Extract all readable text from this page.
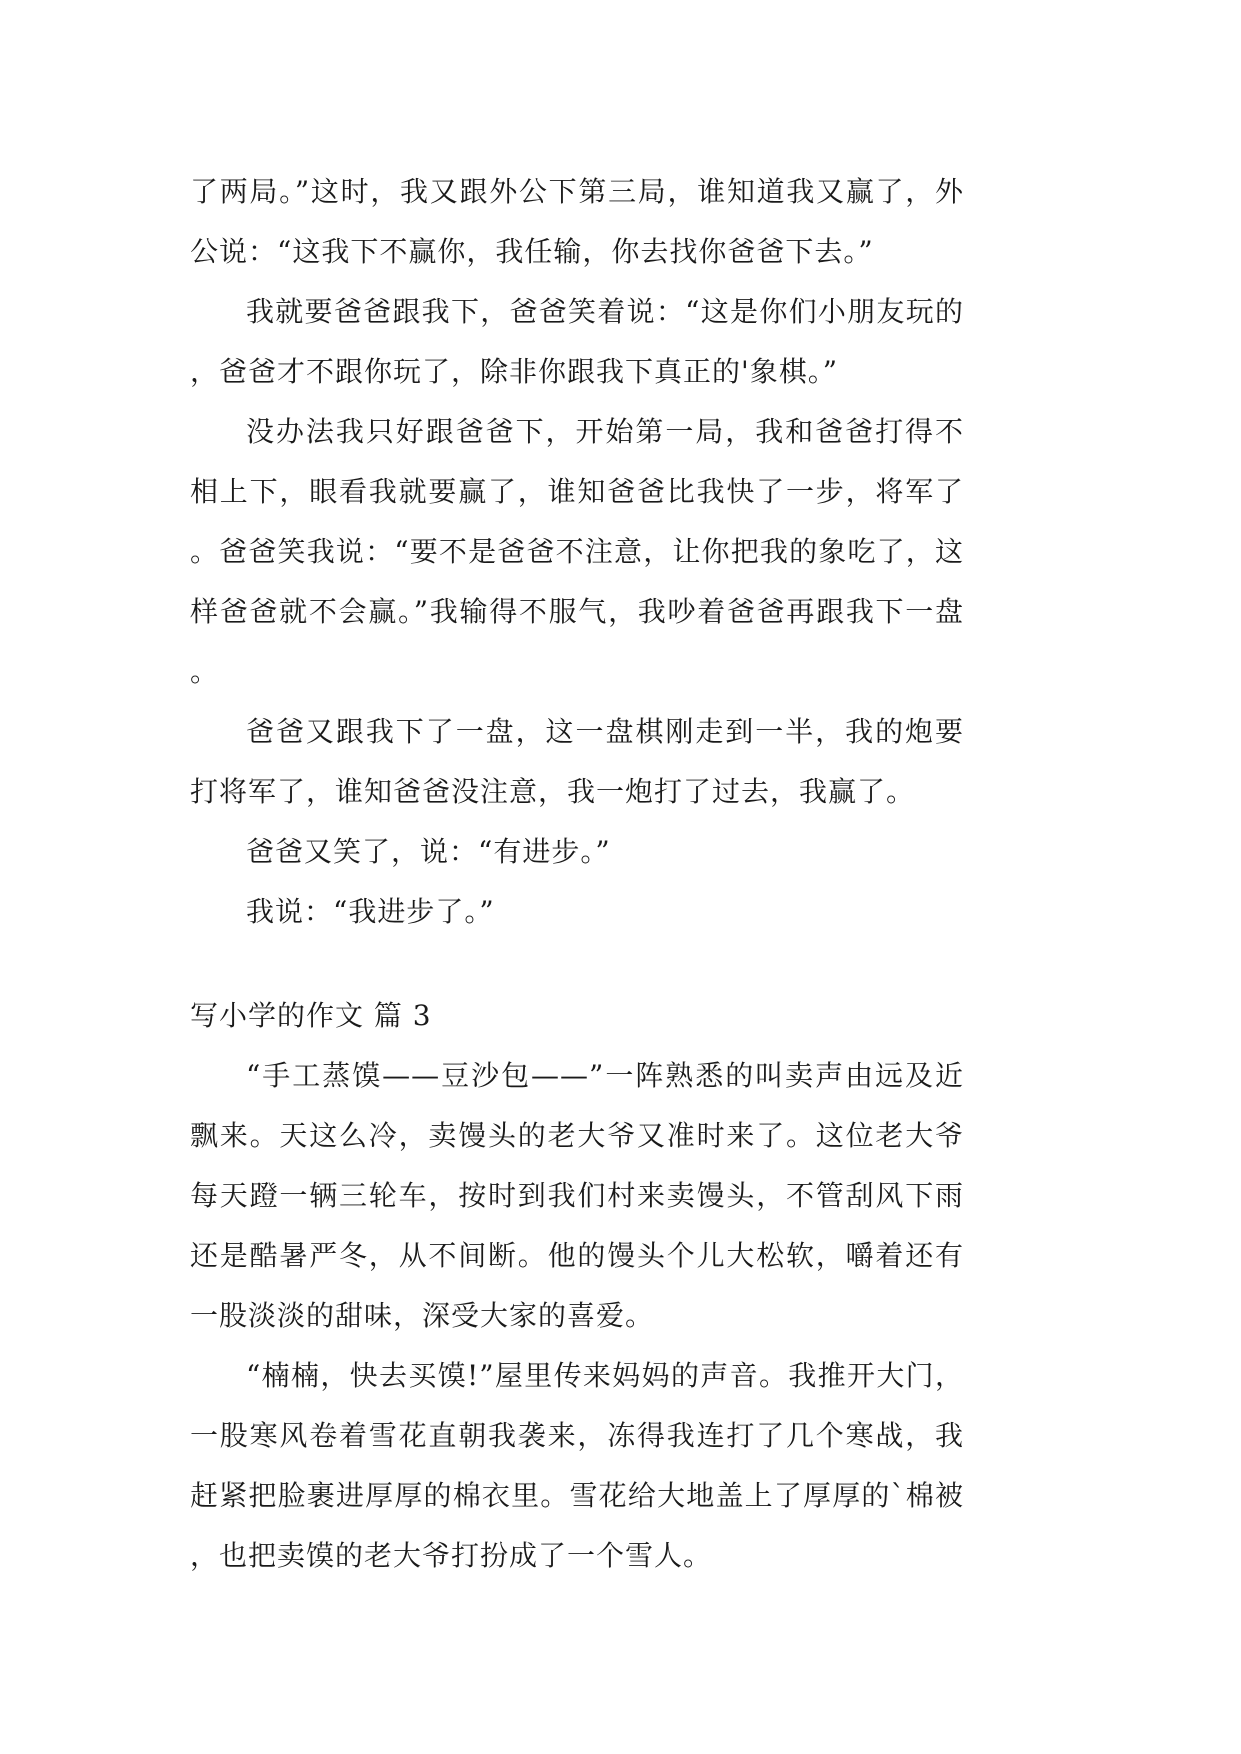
了两局。”这时，我又跟外公下第三局，谁知道我又赢了，外公说：“这我下不赢你，我任输，你去找你爸爸下去。”

我就要爸爸跟我下，爸爸笑着说：“这是你们小朋友玩的，爸爸才不跟你玩了，除非你跟我下真正的'象棋。”

没办法我只好跟爸爸下，开始第一局，我和爸爸打得不相上下，眼看我就要赢了，谁知爸爸比我快了一步，将军了。爸爸笑我说：“要不是爸爸不注意，让你把我的象吃了，这样爸爸就不会赢。”我输得不服气，我吵着爸爸再跟我下一盘。

爸爸又跟我下了一盘，这一盘棋刚走到一半，我的炮要打将军了，谁知爸爸没注意，我一炮打了过去，我赢了。

爸爸又笑了，说：“有进步。”

我说：“我进步了。”

写小学的作文 篇 3

“手工蒸馍——豆沙包——”一阵熟悉的叫卖声由远及近飘来。天这么冷，卖馒头的老大爷又准时来了。这位老大爷每天蹬一辆三轮车，按时到我们村来卖馒头，不管刮风下雨还是酷暑严冬，从不间断。他的馒头个儿大松软，嚼着还有一股淡淡的甜味，深受大家的喜爱。

“楠楠，快去买馍!”屋里传来妈妈的声音。我推开大门，一股寒风卷着雪花直朝我袭来，冻得我连打了几个寒战，我赶紧把脸裹进厚厚的棉衣里。雪花给大地盖上了厚厚的`棉被，也把卖馍的老大爷打扮成了一个雪人。
